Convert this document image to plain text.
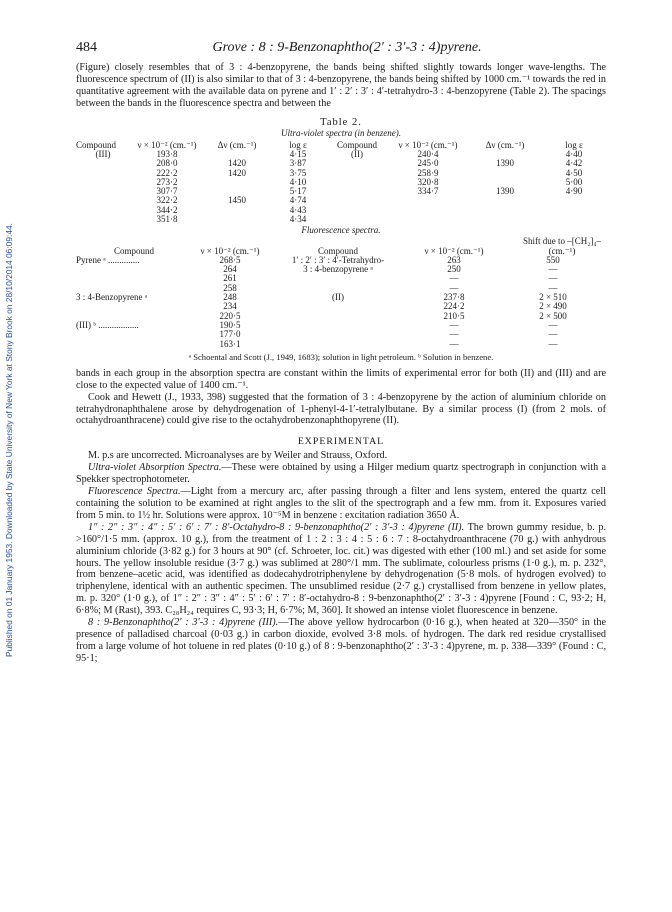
Published on 01 January 1953. Downloaded by State University of New York at Stony Brook on 28/10/2014 06:09:44.
484	Grove : 8 : 9-Benzonaphtho(2′ : 3′-3 : 4)pyrene.

(Figure) closely resembles that of 3 : 4-benzopyrene, the bands being shifted slightly towards longer wave-lengths. The fluorescence spectrum of (II) is also similar to that of 3 : 4-benzopyrene, the bands being shifted by 1000 cm.⁻¹ towards the red in quantitative agreement with the available data on pyrene and 1′ : 2′ : 3′ : 4′-tetrahydro-3 : 4-benzopyrene (Table 2). The spacings between the bands in the fluorescence spectra and between the

Table 2.
Ultra-violet spectra (in benzene).
Compound	ν × 10⁻² (cm.⁻¹)	Δν (cm.⁻¹)	log ε	Compound	ν × 10⁻² (cm.⁻¹)	Δν (cm.⁻¹)	log ε
(III)	193·8		4·15	(II)	240·4		4·40
	208·0	1420	3·87		245·0	1390	4·42
	222·2	1420	3·75		258·9		4·50
	273·2		4·10		320·8		5·00
	307·7		5·17		334·7	1390	4·90
	322·2	1450	4·74				
	344·2		4·43				
	351·8		4·34				
Fluorescence spectra.
Compound	ν × 10⁻² (cm.⁻¹)	Compound	ν × 10⁻² (cm.⁻¹)	Shift due to –[CH₂]₄– (cm.⁻¹)
Pyrene ᵃ ..............	268·5	1′ : 2′ : 3′ : 4′-Tetrahydro-	263	550
	264	3 : 4-benzopyrene ᵃ	250	—
	261		—	—
	258		—	—
3 : 4-Benzopyrene ᵃ	248	(II)	237·8	2 × 510
	234		224·2	2 × 490
	220·5		210·5	2 × 500
(III) ᵇ ..................	190·5		—	—
	177·0		—	—
	163·1		—	—
ᵃ Schoental and Scott (J., 1949, 1683); solution in light petroleum. ᵇ Solution in benzene.

bands in each group in the absorption spectra are constant within the limits of experimental error for both (II) and (III) and are close to the expected value of 1400 cm.⁻¹.

Cook and Hewett (J., 1933, 398) suggested that the formation of 3 : 4-benzopyrene by the action of aluminium chloride on tetrahydronaphthalene arose by dehydrogenation of 1-phenyl-4-1′-tetralylbutane. By a similar process (I) (from 2 mols. of octahydroanthracene) could give rise to the octahydrobenzonaphthopyrene (II).

EXPERIMENTAL

M. p.s are uncorrected. Microanalyses are by Weiler and Strauss, Oxford.

Ultra-violet Absorption Spectra.—These were obtained by using a Hilger medium quartz spectrograph in conjunction with a Spekker spectrophotometer.

Fluorescence Spectra.—Light from a mercury arc, after passing through a filter and lens system, entered the quartz cell containing the solution to be examined at right angles to the slit of the spectrograph and a few mm. from it. Exposures varied from 5 min. to 1½ hr. Solutions were approx. 10⁻⁵M in benzene : excitation radiation 3650 Å.

1″ : 2″ : 3″ : 4″ : 5′ : 6′ : 7′ : 8′-Octahydro-8 : 9-benzonaphtho(2′ : 3′-3 : 4)pyrene (II). The brown gummy residue, b. p. >160°/1·5 mm. (approx. 10 g.), from the treatment of 1 : 2 : 3 : 4 : 5 : 6 : 7 : 8-octahydroanthracene (70 g.) with anhydrous aluminium chloride (3·82 g.) for 3 hours at 90° (cf. Schroeter, loc. cit.) was digested with ether (100 ml.) and set aside for some hours. The yellow insoluble residue (3·7 g.) was sublimed at 280°/1 mm. The sublimate, colourless prisms (1·0 g.), m. p. 232°, from benzene–acetic acid, was identified as dodecahydrotriphenylene by dehydrogenation (5·8 mols. of hydrogen evolved) to triphenylene, identical with an authentic specimen. The unsublimed residue (2·7 g.) crystallised from benzene in yellow plates, m. p. 320° (1·0 g.), of 1″ : 2″ : 3″ : 4″ : 5′ : 6′ : 7′ : 8′-octahydro-8 : 9-benzonaphtho(2′ : 3′-3 : 4)pyrene [Found : C, 93·2; H, 6·8%; M (Rast), 393. C₂₈H₂₄ requires C, 93·3; H, 6·7%; M, 360]. It showed an intense violet fluorescence in benzene.

8 : 9-Benzonaphtho(2′ : 3′-3 : 4)pyrene (III).—The above yellow hydrocarbon (0·16 g.), when heated at 320—350° in the presence of palladised charcoal (0·03 g.) in carbon dioxide, evolved 3·8 mols. of hydrogen. The dark red residue crystallised from a large volume of hot toluene in red plates (0·10 g.) of 8 : 9-benzonaphtho(2′ : 3′-3 : 4)pyrene, m. p. 338—339° (Found : C, 95·1;
